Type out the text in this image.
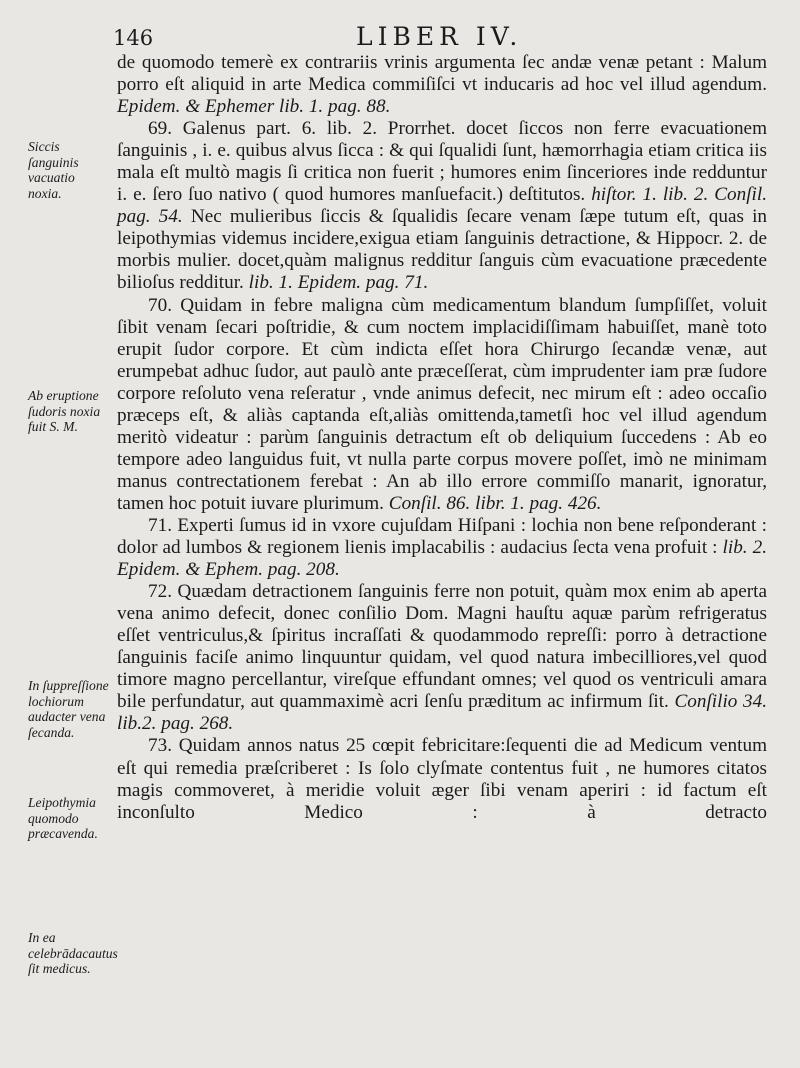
146	LIBER IV.
Siccis ſanguinis vacuatio noxia.
Ab eruptione ſudoris noxia fuit S. M.
In ſuppreſſione lochiorum audacter vena ſecanda.
Leipothymia quomodo præcavenda.
In ea celebrādacautus ſit medicus.

de quomodo temerè ex contrariis vrinis argumenta ſec andæ venæ petant : Malum porro eſt aliquid in arte Medica commiſiſci vt inducaris ad hoc vel illud agendum. Epidem. & Ephemer lib. 1. pag. 88.

69. Galenus part. 6. lib. 2. Prorrhet. docet ſiccos non ferre evacuationem ſanguinis , i. e. quibus alvus ſicca : & qui ſqualidi ſunt, hæmorrhagia etiam critica iis mala eſt multò magis ſi critica non fuerit ; humores enim ſinceriores inde redduntur i. e. ſero ſuo nativo ( quod humores manſuefacit.) deſtitutos. hiſtor. 1. lib. 2. Conſil. pag. 54. Nec mulieribus ſiccis & ſqualidis ſecare venam ſæpe tutum eſt, quas in leipothymias videmus incidere,exigua etiam ſanguinis detractione, & Hippocr. 2. de morbis mulier. docet,quàm malignus redditur ſanguis cùm evacuatione præcedente bilioſus redditur. lib. 1. Epidem. pag. 71.

70. Quidam in febre maligna cùm medicamentum blandum ſumpſiſſet, voluit ſibit venam ſecari poſtridie, & cum noctem implacidiſſimam habuiſſet, manè toto erupit ſudor corpore. Et cùm indicta eſſet hora Chirurgo ſecandæ venæ, aut erumpebat adhuc ſudor, aut paulò ante præceſſerat, cùm imprudenter iam præ ſudore corpore reſoluto vena reſeratur , vnde animus defecit, nec mirum eſt : adeo occaſio præceps eſt, & aliàs captanda eſt,aliàs omittenda,tametſi hoc vel illud agendum meritò videatur : parùm ſanguinis detractum eſt ob deliquium ſuccedens : Ab eo tempore adeo languidus fuit, vt nulla parte corpus movere poſſet, imò ne minimam manus contrectationem ferebat : An ab illo errore commiſſo manarit, ignoratur, tamen hoc potuit iuvare plurimum. Conſil. 86. libr. 1. pag. 426.

71. Experti ſumus id in vxore cujuſdam Hiſpani : lochia non bene reſponderant : dolor ad lumbos & regionem lienis implacabilis : audacius ſecta vena profuit : lib. 2. Epidem. & Ephem. pag. 208.

72. Quædam detractionem ſanguinis ferre non potuit, quàm mox enim ab aperta vena animo defecit, donec conſilio Dom. Magni hauſtu aquæ parùm refrigeratus eſſet ventriculus,& ſpiritus incraſſati & quodammodo repreſſi: porro à detractione ſanguinis faciſe animo linquuntur quidam, vel quod natura imbecilliores,vel quod timore magno percellantur, vireſque effundant omnes; vel quod os ventriculi amara bile perfundatur, aut quammaximè acri ſenſu præditum ac infirmum ſit. Conſilio 34. lib.2. pag. 268.

73. Quidam annos natus 25 cœpit febricitare:ſequenti die ad Medicum ventum eſt qui remedia præſcriberet : Is ſolo clyſmate contentus fuit , ne humores citatos magis commoveret, à meridie voluit æger ſibi venam aperiri : id factum eſt inconſulto Medico : à detracto
